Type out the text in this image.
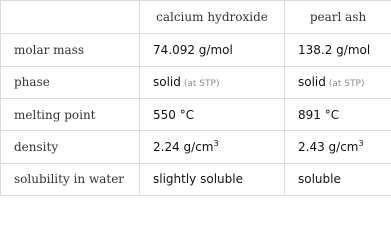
	calcium hydroxide	pearl ash
molar mass	74.092 g/mol	138.2 g/mol
phase	solid (at STP)	solid (at STP)
melting point	550 °C	891 °C
density	2.24 $g/cm^3$	2.43 $g/cm^3$
solubility in water	slightly soluble	soluble
